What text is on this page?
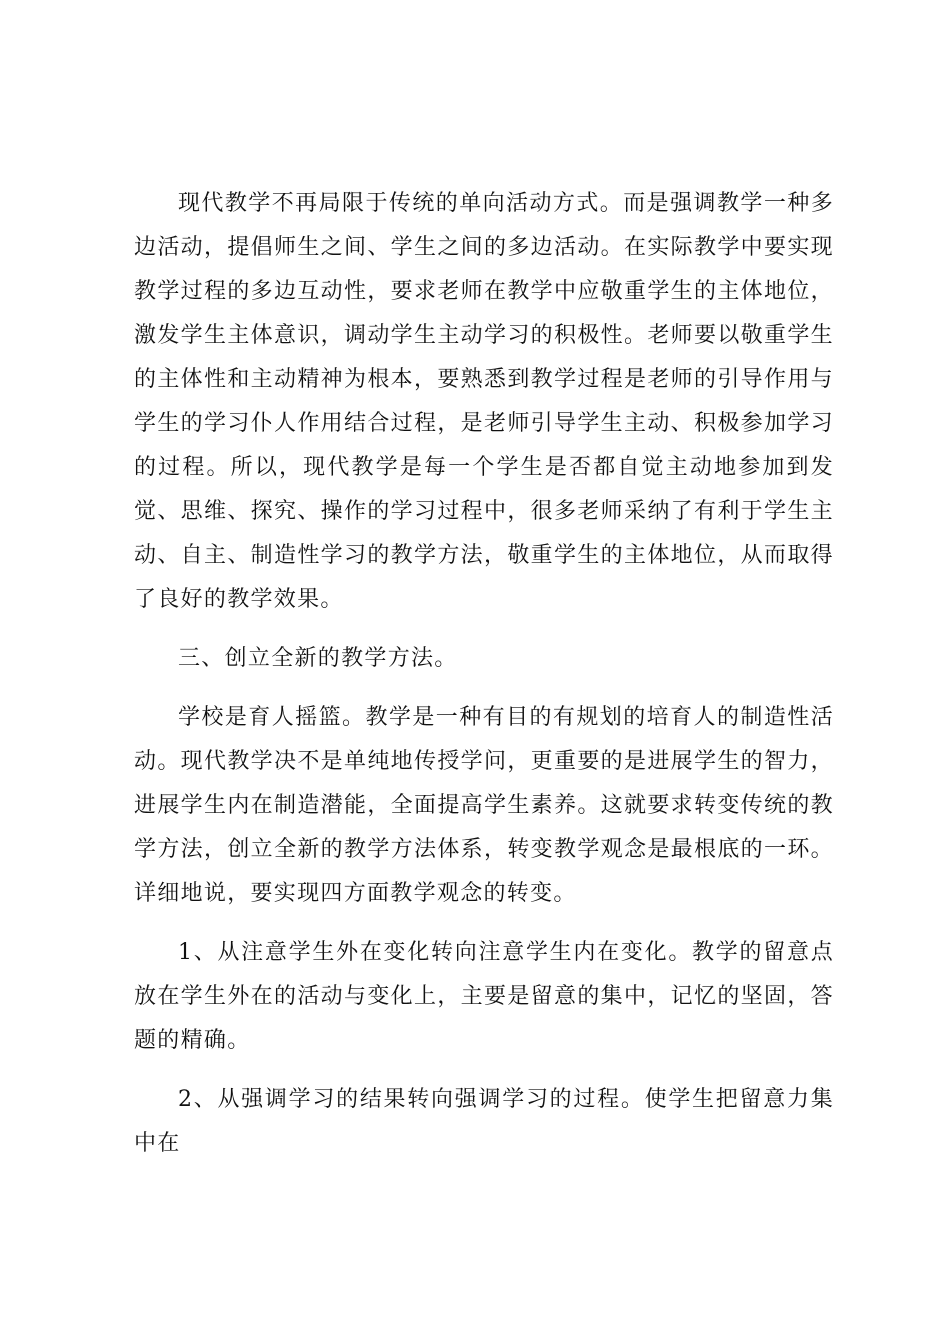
现代教学不再局限于传统的单向活动方式。而是强调教学一种多边活动，提倡师生之间、学生之间的多边活动。在实际教学中要实现教学过程的多边互动性，要求老师在教学中应敬重学生的主体地位，激发学生主体意识，调动学生主动学习的积极性。老师要以敬重学生的主体性和主动精神为根本，要熟悉到教学过程是老师的引导作用与学生的学习仆人作用结合过程，是老师引导学生主动、积极参加学习的过程。所以，现代教学是每一个学生是否都自觉主动地参加到发觉、思维、探究、操作的学习过程中，很多老师采纳了有利于学生主动、自主、制造性学习的教学方法，敬重学生的主体地位，从而取得了良好的教学效果。

三、创立全新的教学方法。

学校是育人摇篮。教学是一种有目的有规划的培育人的制造性活动。现代教学决不是单纯地传授学问，更重要的是进展学生的智力，进展学生内在制造潜能，全面提高学生素养。这就要求转变传统的教学方法，创立全新的教学方法体系，转变教学观念是最根底的一环。详细地说，要实现四方面教学观念的转变。

1、从注意学生外在变化转向注意学生内在变化。教学的留意点放在学生外在的活动与变化上，主要是留意的集中，记忆的坚固，答题的精确。

2、从强调学习的结果转向强调学习的过程。使学生把留意力集中在
